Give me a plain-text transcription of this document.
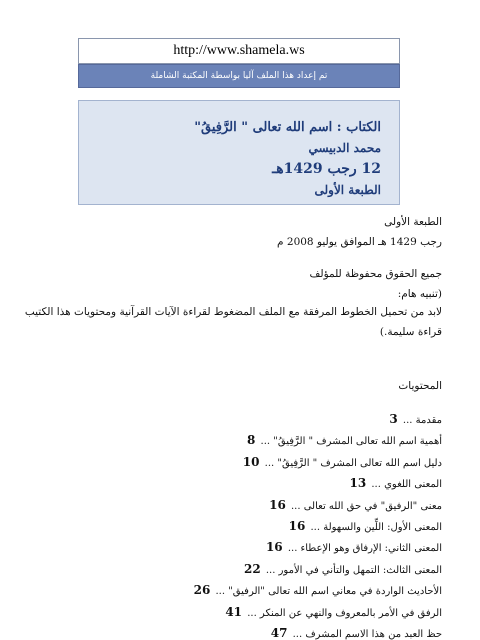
http://www.shamela.ws
تم إعداد هذا الملف آليا بواسطة المكتبة الشاملة
الكتاب : اسم الله تعالى " الرَّفِيقُ"
محمد الدبيسي
12 رجب 1429هـ
الطبعة الأولى
الطبعة الأولى
رجب 1429 هـ الموافق يوليو 2008 م
جميع الحقوق محفوظة للمؤلف
(تنبيه هام:
لابد من تحميل الخطوط المرفقة مع الملف المضغوط لقراءة الآيات القرآنية ومحتويات هذا الكتيب قراءة سليمة.)
المحتويات
مقدمة ... 3
أهمية اسم الله تعالى المشرف " الرَّفِيقُ" ... 8
دليل اسم الله تعالى المشرف " الرَّفِيقُ" ... 10
المعنى اللغوي ... 13
معنى "الرفيق" في حق الله تعالى ... 16
المعنى الأول: اللِّين والسهولة ... 16
المعنى الثاني: الإرفاق وهو الإعطاء ... 16
المعنى الثالث: التمهل والتأني في الأمور ... 22
الأحاديث الواردة في معاني اسم الله تعالى "الرفيق" ... 26
الرفق في الأمر بالمعروف والنهي عن المنكر ... 41
حظ العبد من هذا الاسم المشرف ... 47
